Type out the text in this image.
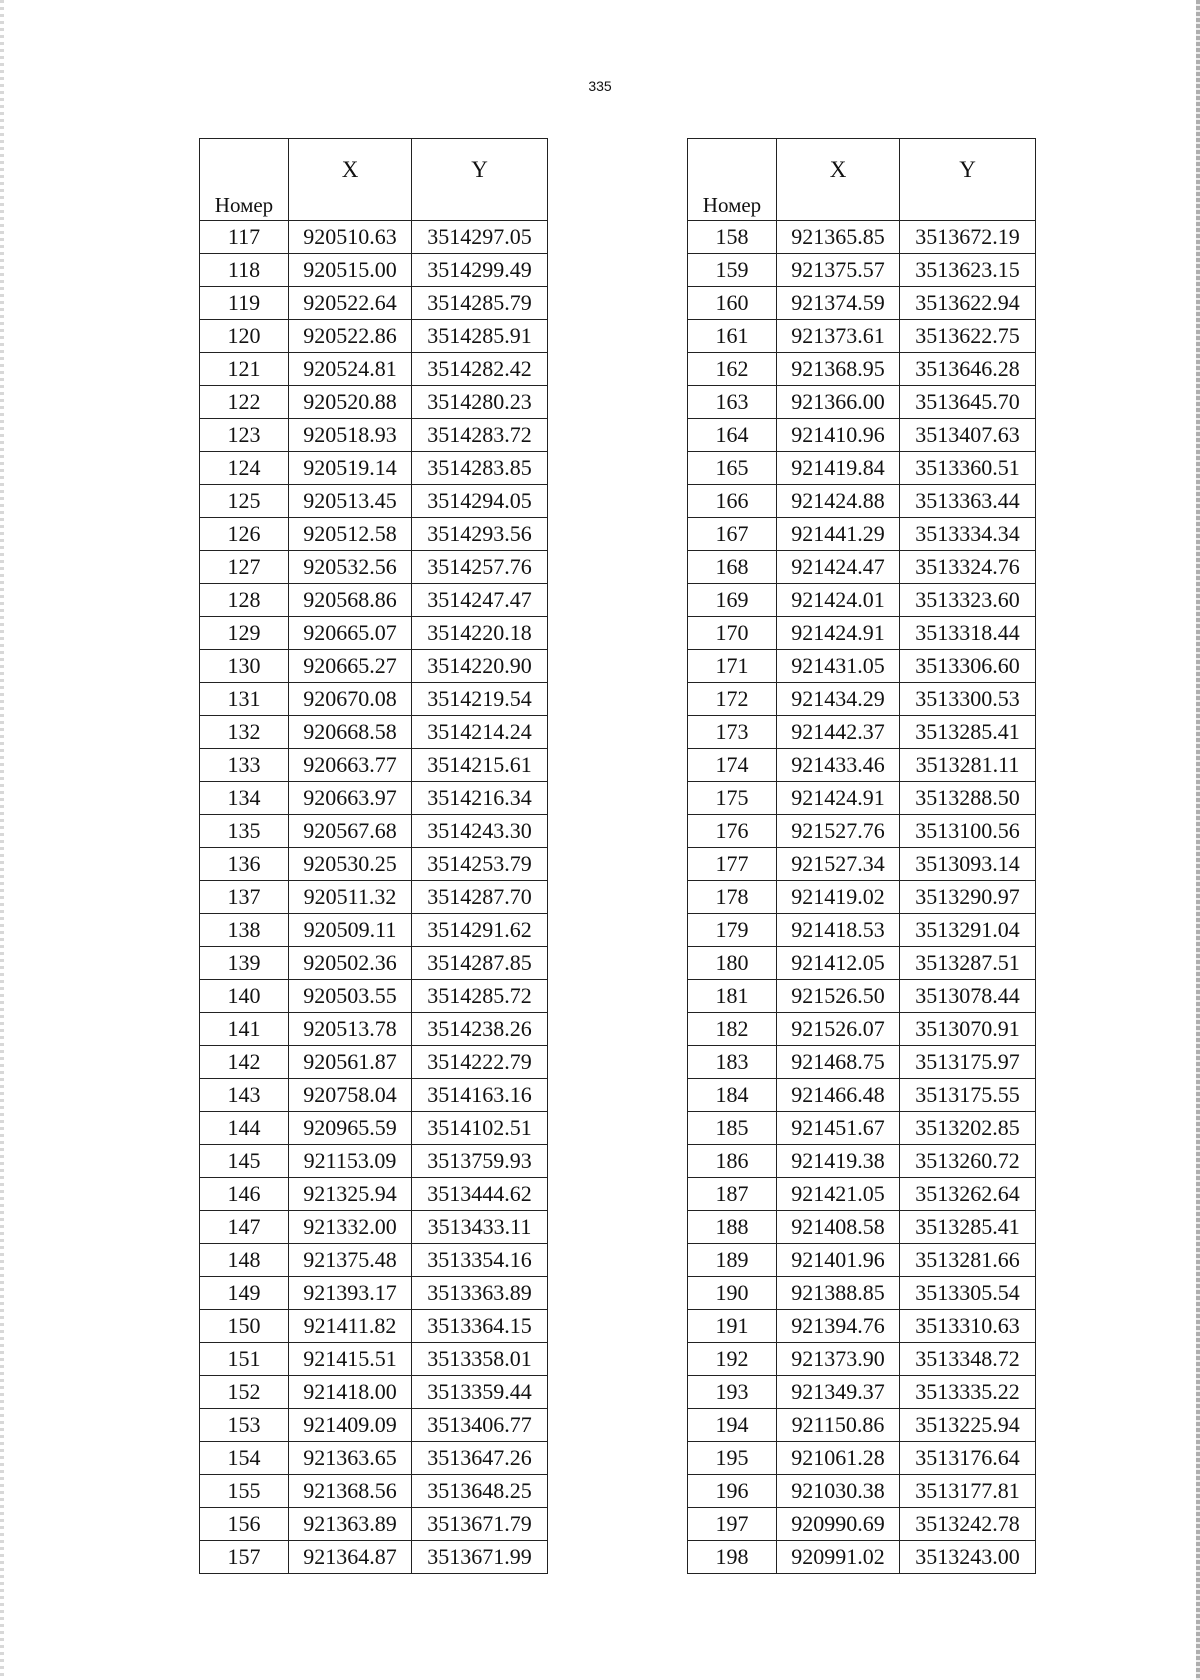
335
Номер	X	Y
117	920510.63	3514297.05
118	920515.00	3514299.49
119	920522.64	3514285.79
120	920522.86	3514285.91
121	920524.81	3514282.42
122	920520.88	3514280.23
123	920518.93	3514283.72
124	920519.14	3514283.85
125	920513.45	3514294.05
126	920512.58	3514293.56
127	920532.56	3514257.76
128	920568.86	3514247.47
129	920665.07	3514220.18
130	920665.27	3514220.90
131	920670.08	3514219.54
132	920668.58	3514214.24
133	920663.77	3514215.61
134	920663.97	3514216.34
135	920567.68	3514243.30
136	920530.25	3514253.79
137	920511.32	3514287.70
138	920509.11	3514291.62
139	920502.36	3514287.85
140	920503.55	3514285.72
141	920513.78	3514238.26
142	920561.87	3514222.79
143	920758.04	3514163.16
144	920965.59	3514102.51
145	921153.09	3513759.93
146	921325.94	3513444.62
147	921332.00	3513433.11
148	921375.48	3513354.16
149	921393.17	3513363.89
150	921411.82	3513364.15
151	921415.51	3513358.01
152	921418.00	3513359.44
153	921409.09	3513406.77
154	921363.65	3513647.26
155	921368.56	3513648.25
156	921363.89	3513671.79
157	921364.87	3513671.99
Номер	X	Y
158	921365.85	3513672.19
159	921375.57	3513623.15
160	921374.59	3513622.94
161	921373.61	3513622.75
162	921368.95	3513646.28
163	921366.00	3513645.70
164	921410.96	3513407.63
165	921419.84	3513360.51
166	921424.88	3513363.44
167	921441.29	3513334.34
168	921424.47	3513324.76
169	921424.01	3513323.60
170	921424.91	3513318.44
171	921431.05	3513306.60
172	921434.29	3513300.53
173	921442.37	3513285.41
174	921433.46	3513281.11
175	921424.91	3513288.50
176	921527.76	3513100.56
177	921527.34	3513093.14
178	921419.02	3513290.97
179	921418.53	3513291.04
180	921412.05	3513287.51
181	921526.50	3513078.44
182	921526.07	3513070.91
183	921468.75	3513175.97
184	921466.48	3513175.55
185	921451.67	3513202.85
186	921419.38	3513260.72
187	921421.05	3513262.64
188	921408.58	3513285.41
189	921401.96	3513281.66
190	921388.85	3513305.54
191	921394.76	3513310.63
192	921373.90	3513348.72
193	921349.37	3513335.22
194	921150.86	3513225.94
195	921061.28	3513176.64
196	921030.38	3513177.81
197	920990.69	3513242.78
198	920991.02	3513243.00
